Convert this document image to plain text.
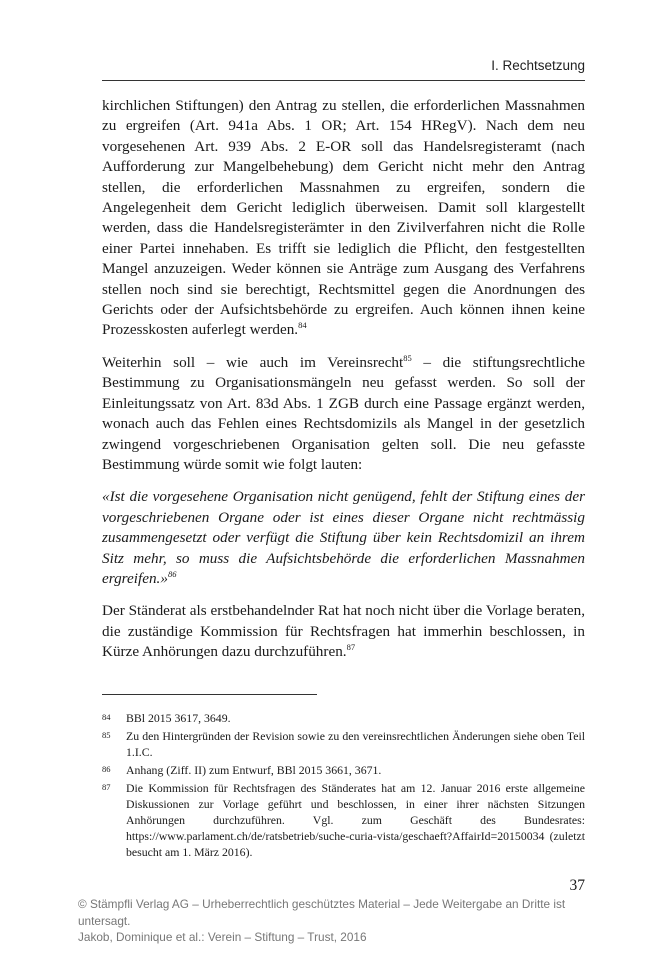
I. Rechtsetzung

kirchlichen Stiftungen) den Antrag zu stellen, die erforderlichen Massnahmen zu ergreifen (Art. 941a Abs. 1 OR; Art. 154 HRegV). Nach dem neu vorgesehenen Art. 939 Abs. 2 E-OR soll das Handelsregisteramt (nach Aufforderung zur Mangelbehebung) dem Gericht nicht mehr den Antrag stellen, die erforderlichen Massnahmen zu ergreifen, sondern die Angelegenheit dem Gericht lediglich überweisen. Damit soll klargestellt werden, dass die Handelsregisterämter in den Zivilverfahren nicht die Rolle einer Partei innehaben. Es trifft sie lediglich die Pflicht, den festgestellten Mangel anzuzeigen. Weder können sie Anträge zum Ausgang des Verfahrens stellen noch sind sie berechtigt, Rechtsmittel gegen die Anordnungen des Gerichts oder der Aufsichtsbehörde zu ergreifen. Auch können ihnen keine Prozesskosten auferlegt werden.$^{84}$

Weiterhin soll – wie auch im Vereinsrecht$^{85}$ – die stiftungsrechtliche Bestimmung zu Organisationsmängeln neu gefasst werden. So soll der Einleitungssatz von Art. 83d Abs. 1 ZGB durch eine Passage ergänzt werden, wonach auch das Fehlen eines Rechtsdomizils als Mangel in der gesetzlich zwingend vorgeschriebenen Organisation gelten soll. Die neu gefasste Bestimmung würde somit wie folgt lauten:

«Ist die vorgesehene Organisation nicht genügend, fehlt der Stiftung eines der vorgeschriebenen Organe oder ist eines dieser Organe nicht rechtmässig zusammengesetzt oder verfügt die Stiftung über kein Rechtsdomizil an ihrem Sitz mehr, so muss die Aufsichtsbehörde die erforderlichen Massnahmen ergreifen.»$^{86}$

Der Ständerat als erstbehandelnder Rat hat noch nicht über die Vorlage beraten, die zuständige Kommission für Rechtsfragen hat immerhin beschlossen, in Kürze Anhörungen dazu durchzuführen.$^{87}$

84	BBl 2015 3617, 3649.
85	Zu den Hintergründen der Revision sowie zu den vereinsrechtlichen Änderungen siehe oben Teil 1.I.C.
86	Anhang (Ziff. II) zum Entwurf, BBl 2015 3661, 3671.
87	Die Kommission für Rechtsfragen des Ständerates hat am 12. Januar 2016 erste allgemeine Diskussionen zur Vorlage geführt und beschlossen, in einer ihrer nächsten Sitzungen Anhörungen durchzuführen. Vgl. zum Geschäft des Bundesrates: https://www.parlament.ch/de/ratsbetrieb/suche-curia-vista/geschaeft?AffairId=20150034 (zuletzt besucht am 1. März 2016).
37
© Stämpfli Verlag AG – Urheberrechtlich geschütztes Material – Jede Weitergabe an Dritte ist untersagt.
Jakob, Dominique et al.: Verein – Stiftung – Trust, 2016
